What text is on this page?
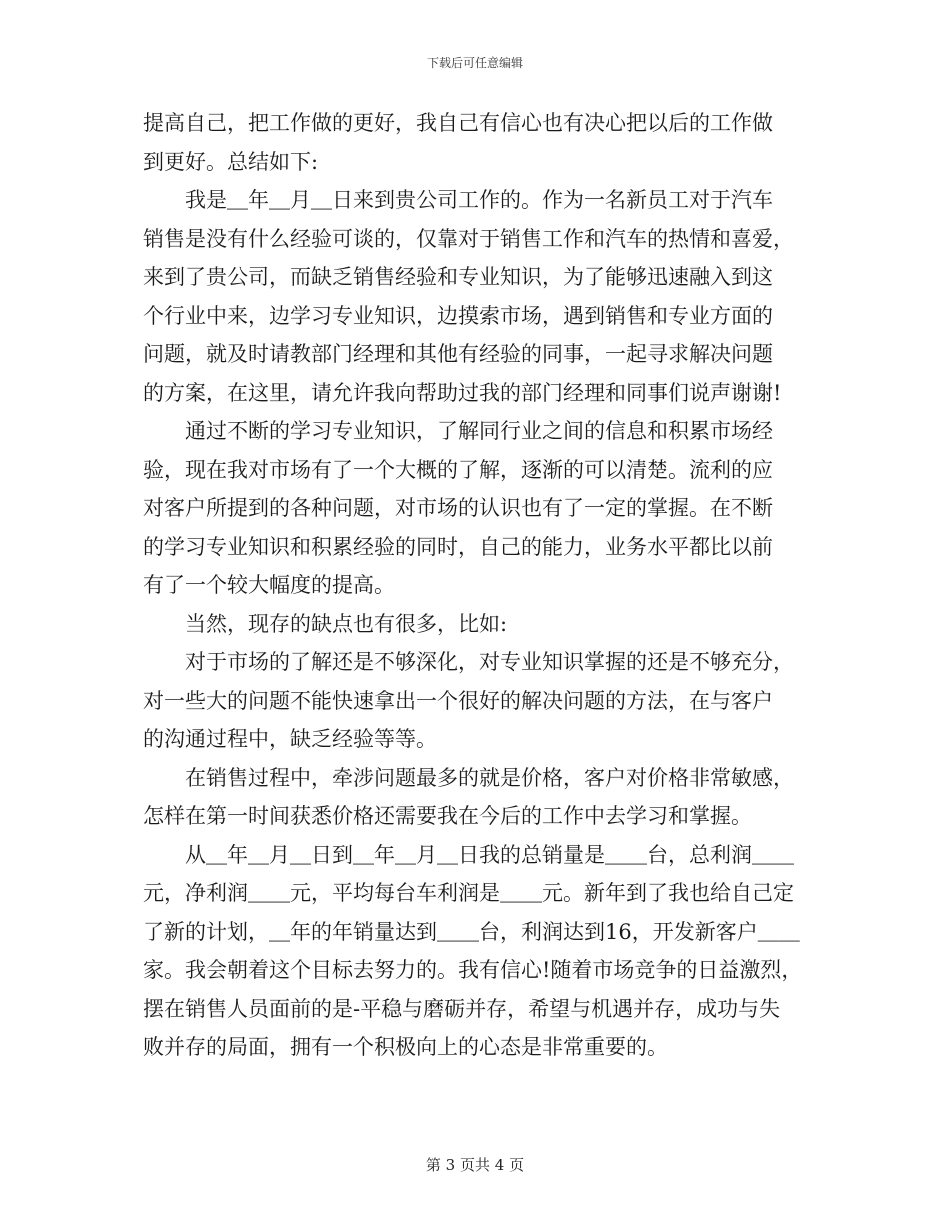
下载后可任意编辑
提高自己，把工作做的更好，我自己有信心也有决心把以后的工作做
到更好。总结如下:
　　我是＿年＿月＿日来到贵公司工作的。作为一名新员工对于汽车
销售是没有什么经验可谈的，仅靠对于销售工作和汽车的热情和喜爱，
来到了贵公司，而缺乏销售经验和专业知识，为了能够迅速融入到这
个行业中来，边学习专业知识，边摸索市场，遇到销售和专业方面的
问题，就及时请教部门经理和其他有经验的同事，一起寻求解决问题
的方案，在这里，请允许我向帮助过我的部门经理和同事们说声谢谢!
　　通过不断的学习专业知识，了解同行业之间的信息和积累市场经
验，现在我对市场有了一个大概的了解，逐渐的可以清楚。流利的应
对客户所提到的各种问题，对市场的认识也有了一定的掌握。在不断
的学习专业知识和积累经验的同时，自己的能力，业务水平都比以前
有了一个较大幅度的提高。
　　当然，现存的缺点也有很多，比如:
　　对于市场的了解还是不够深化，对专业知识掌握的还是不够充分，
对一些大的问题不能快速拿出一个很好的解决问题的方法，在与客户
的沟通过程中，缺乏经验等等。
　　在销售过程中，牵涉问题最多的就是价格，客户对价格非常敏感，
怎样在第一时间获悉价格还需要我在今后的工作中去学习和掌握。
　　从＿年＿月＿日到＿年＿月＿日我的总销量是＿＿台，总利润＿＿
元，净利润＿＿元，平均每台车利润是＿＿元。新年到了我也给自己定
了新的计划，＿年的年销量达到＿＿台，利润达到16，开发新客户＿＿
家。我会朝着这个目标去努力的。我有信心!随着市场竞争的日益激烈，
摆在销售人员面前的是-平稳与磨砺并存，希望与机遇并存，成功与失
败并存的局面，拥有一个积极向上的心态是非常重要的。
第 3 页共 4 页
